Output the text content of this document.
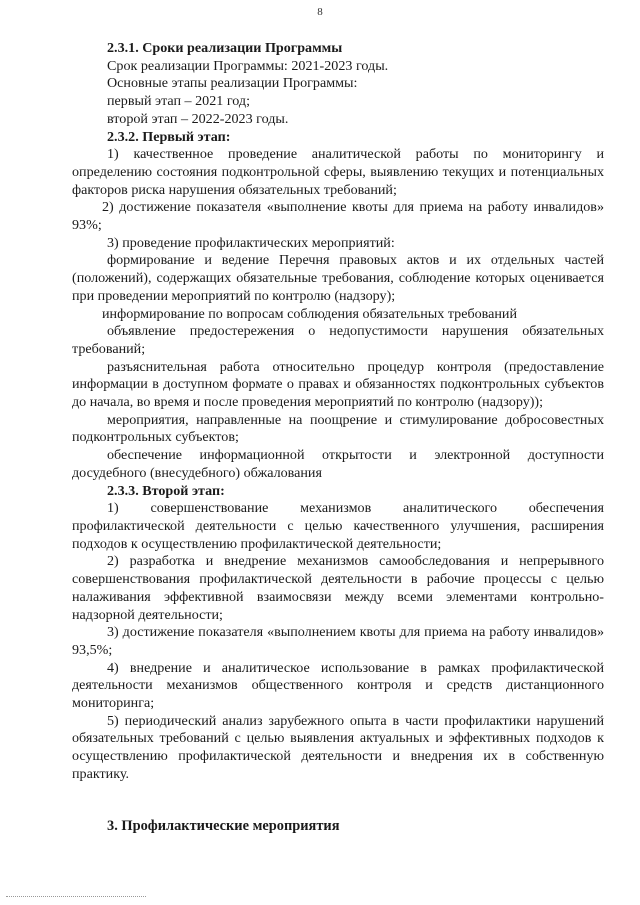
8

2.3.1. Сроки реализации Программы

Срок реализации Программы: 2021-2023 годы.

Основные этапы реализации Программы:

первый этап – 2021 год;

второй этап – 2022-2023 годы.

2.3.2. Первый этап:

1) качественное проведение аналитической работы по мониторингу и определению состояния подконтрольной сферы, выявлению текущих и потенциальных факторов риска нарушения обязательных требований;

2) достижение показателя «выполнение квоты для приема на работу инвалидов» 93%;

3) проведение профилактических мероприятий:

формирование и ведение Перечня правовых актов и их отдельных частей (положений), содержащих обязательные требования, соблюдение которых оценивается при проведении мероприятий по контролю (надзору);

информирование по вопросам соблюдения обязательных требований

объявление предостережения о недопустимости нарушения обязательных требований;

разъяснительная работа относительно процедур контроля (предоставление информации в доступном формате о правах и обязанностях подконтрольных субъектов до начала, во время и после проведения мероприятий по контролю (надзору));

мероприятия, направленные на поощрение и стимулирование добросовестных подконтрольных субъектов;

обеспечение информационной открытости и электронной доступности досудебного (внесудебного) обжалования

2.3.3. Второй этап:

1) совершенствование механизмов аналитического обеспечения профилактической деятельности с целью качественного улучшения, расширения подходов к осуществлению профилактической деятельности;

2) разработка и внедрение механизмов самообследования и непрерывного совершенствования профилактической деятельности в рабочие процессы с целью налаживания эффективной взаимосвязи между всеми элементами контрольно-надзорной деятельности;

3) достижение показателя «выполнением квоты для приема на работу инвалидов» 93,5%;

4) внедрение и аналитическое использование в рамках профилактической деятельности механизмов общественного контроля и средств дистанционного мониторинга;

5) периодический анализ зарубежного опыта в части профилактики нарушений обязательных требований с целью выявления актуальных и эффективных подходов к осуществлению профилактической деятельности и внедрения их в собственную практику.

3. Профилактические мероприятия
